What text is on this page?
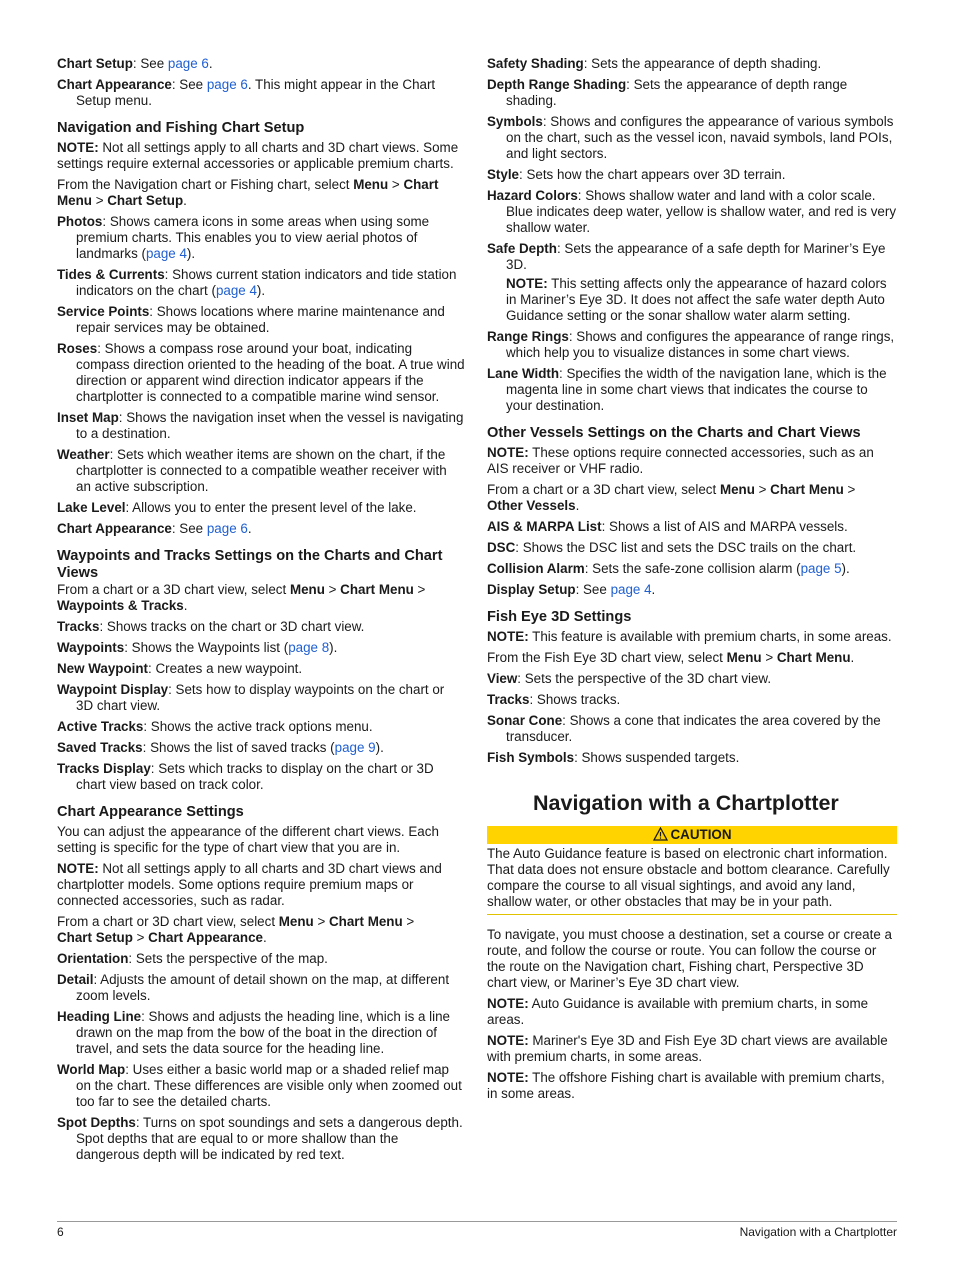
Chart Setup: See page 6.
Chart Appearance: See page 6. This might appear in the Chart Setup menu.
Navigation and Fishing Chart Setup
NOTE: Not all settings apply to all charts and 3D chart views. Some settings require external accessories or applicable premium charts.
From the Navigation chart or Fishing chart, select Menu > Chart Menu > Chart Setup.
Photos: Shows camera icons in some areas when using some premium charts. This enables you to view aerial photos of landmarks (page 4).
Tides & Currents: Shows current station indicators and tide station indicators on the chart (page 4).
Service Points: Shows locations where marine maintenance and repair services may be obtained.
Roses: Shows a compass rose around your boat, indicating compass direction oriented to the heading of the boat. A true wind direction or apparent wind direction indicator appears if the chartplotter is connected to a compatible marine wind sensor.
Inset Map: Shows the navigation inset when the vessel is navigating to a destination.
Weather: Sets which weather items are shown on the chart, if the chartplotter is connected to a compatible weather receiver with an active subscription.
Lake Level: Allows you to enter the present level of the lake.
Chart Appearance: See page 6.
Waypoints and Tracks Settings on the Charts and Chart Views
From a chart or a 3D chart view, select Menu > Chart Menu > Waypoints & Tracks.
Tracks: Shows tracks on the chart or 3D chart view.
Waypoints: Shows the Waypoints list (page 8).
New Waypoint: Creates a new waypoint.
Waypoint Display: Sets how to display waypoints on the chart or 3D chart view.
Active Tracks: Shows the active track options menu.
Saved Tracks: Shows the list of saved tracks (page 9).
Tracks Display: Sets which tracks to display on the chart or 3D chart view based on track color.
Chart Appearance Settings
You can adjust the appearance of the different chart views. Each setting is specific for the type of chart view that you are in.
NOTE: Not all settings apply to all charts and 3D chart views and chartplotter models. Some options require premium maps or connected accessories, such as radar.
From a chart or 3D chart view, select Menu > Chart Menu >
Chart Setup > Chart Appearance.
Orientation: Sets the perspective of the map.
Detail: Adjusts the amount of detail shown on the map, at different zoom levels.
Heading Line: Shows and adjusts the heading line, which is a line drawn on the map from the bow of the boat in the direction of travel, and sets the data source for the heading line.
World Map: Uses either a basic world map or a shaded relief map on the chart. These differences are visible only when zoomed out too far to see the detailed charts.
Spot Depths: Turns on spot soundings and sets a dangerous depth. Spot depths that are equal to or more shallow than the dangerous depth will be indicated by red text.
Safety Shading: Sets the appearance of depth shading.
Depth Range Shading: Sets the appearance of depth range shading.
Symbols: Shows and configures the appearance of various symbols on the chart, such as the vessel icon, navaid symbols, land POIs, and light sectors.
Style: Sets how the chart appears over 3D terrain.
Hazard Colors: Shows shallow water and land with a color scale. Blue indicates deep water, yellow is shallow water, and red is very shallow water.
Safe Depth: Sets the appearance of a safe depth for Mariner’s Eye 3D.
NOTE: This setting affects only the appearance of hazard colors in Mariner’s Eye 3D. It does not affect the safe water depth Auto Guidance setting or the sonar shallow water alarm setting.
Range Rings: Shows and configures the appearance of range rings, which help you to visualize distances in some chart views.
Lane Width: Specifies the width of the navigation lane, which is the magenta line in some chart views that indicates the course to your destination.
Other Vessels Settings on the Charts and Chart Views
NOTE: These options require connected accessories, such as an AIS receiver or VHF radio.
From a chart or a 3D chart view, select Menu > Chart Menu >
Other Vessels.
AIS & MARPA List: Shows a list of AIS and MARPA vessels.
DSC: Shows the DSC list and sets the DSC trails on the chart.
Collision Alarm: Sets the safe-zone collision alarm (page 5).
Display Setup: See page 4.
Fish Eye 3D Settings
NOTE: This feature is available with premium charts, in some areas.
From the Fish Eye 3D chart view, select Menu > Chart Menu.
View: Sets the perspective of the 3D chart view.
Tracks: Shows tracks.
Sonar Cone: Shows a cone that indicates the area covered by the transducer.
Fish Symbols: Shows suspended targets.
Navigation with a Chartplotter
CAUTION
The Auto Guidance feature is based on electronic chart information. That data does not ensure obstacle and bottom clearance. Carefully compare the course to all visual sightings, and avoid any land, shallow water, or other obstacles that may be in your path.
To navigate, you must choose a destination, set a course or create a route, and follow the course or route. You can follow the course or the route on the Navigation chart, Fishing chart, Perspective 3D chart view, or Mariner’s Eye 3D chart view.
NOTE: Auto Guidance is available with premium charts, in some areas.
NOTE: Mariner's Eye 3D and Fish Eye 3D chart views are available with premium charts, in some areas.
NOTE: The offshore Fishing chart is available with premium charts, in some areas.
6	Navigation with a Chartplotter
